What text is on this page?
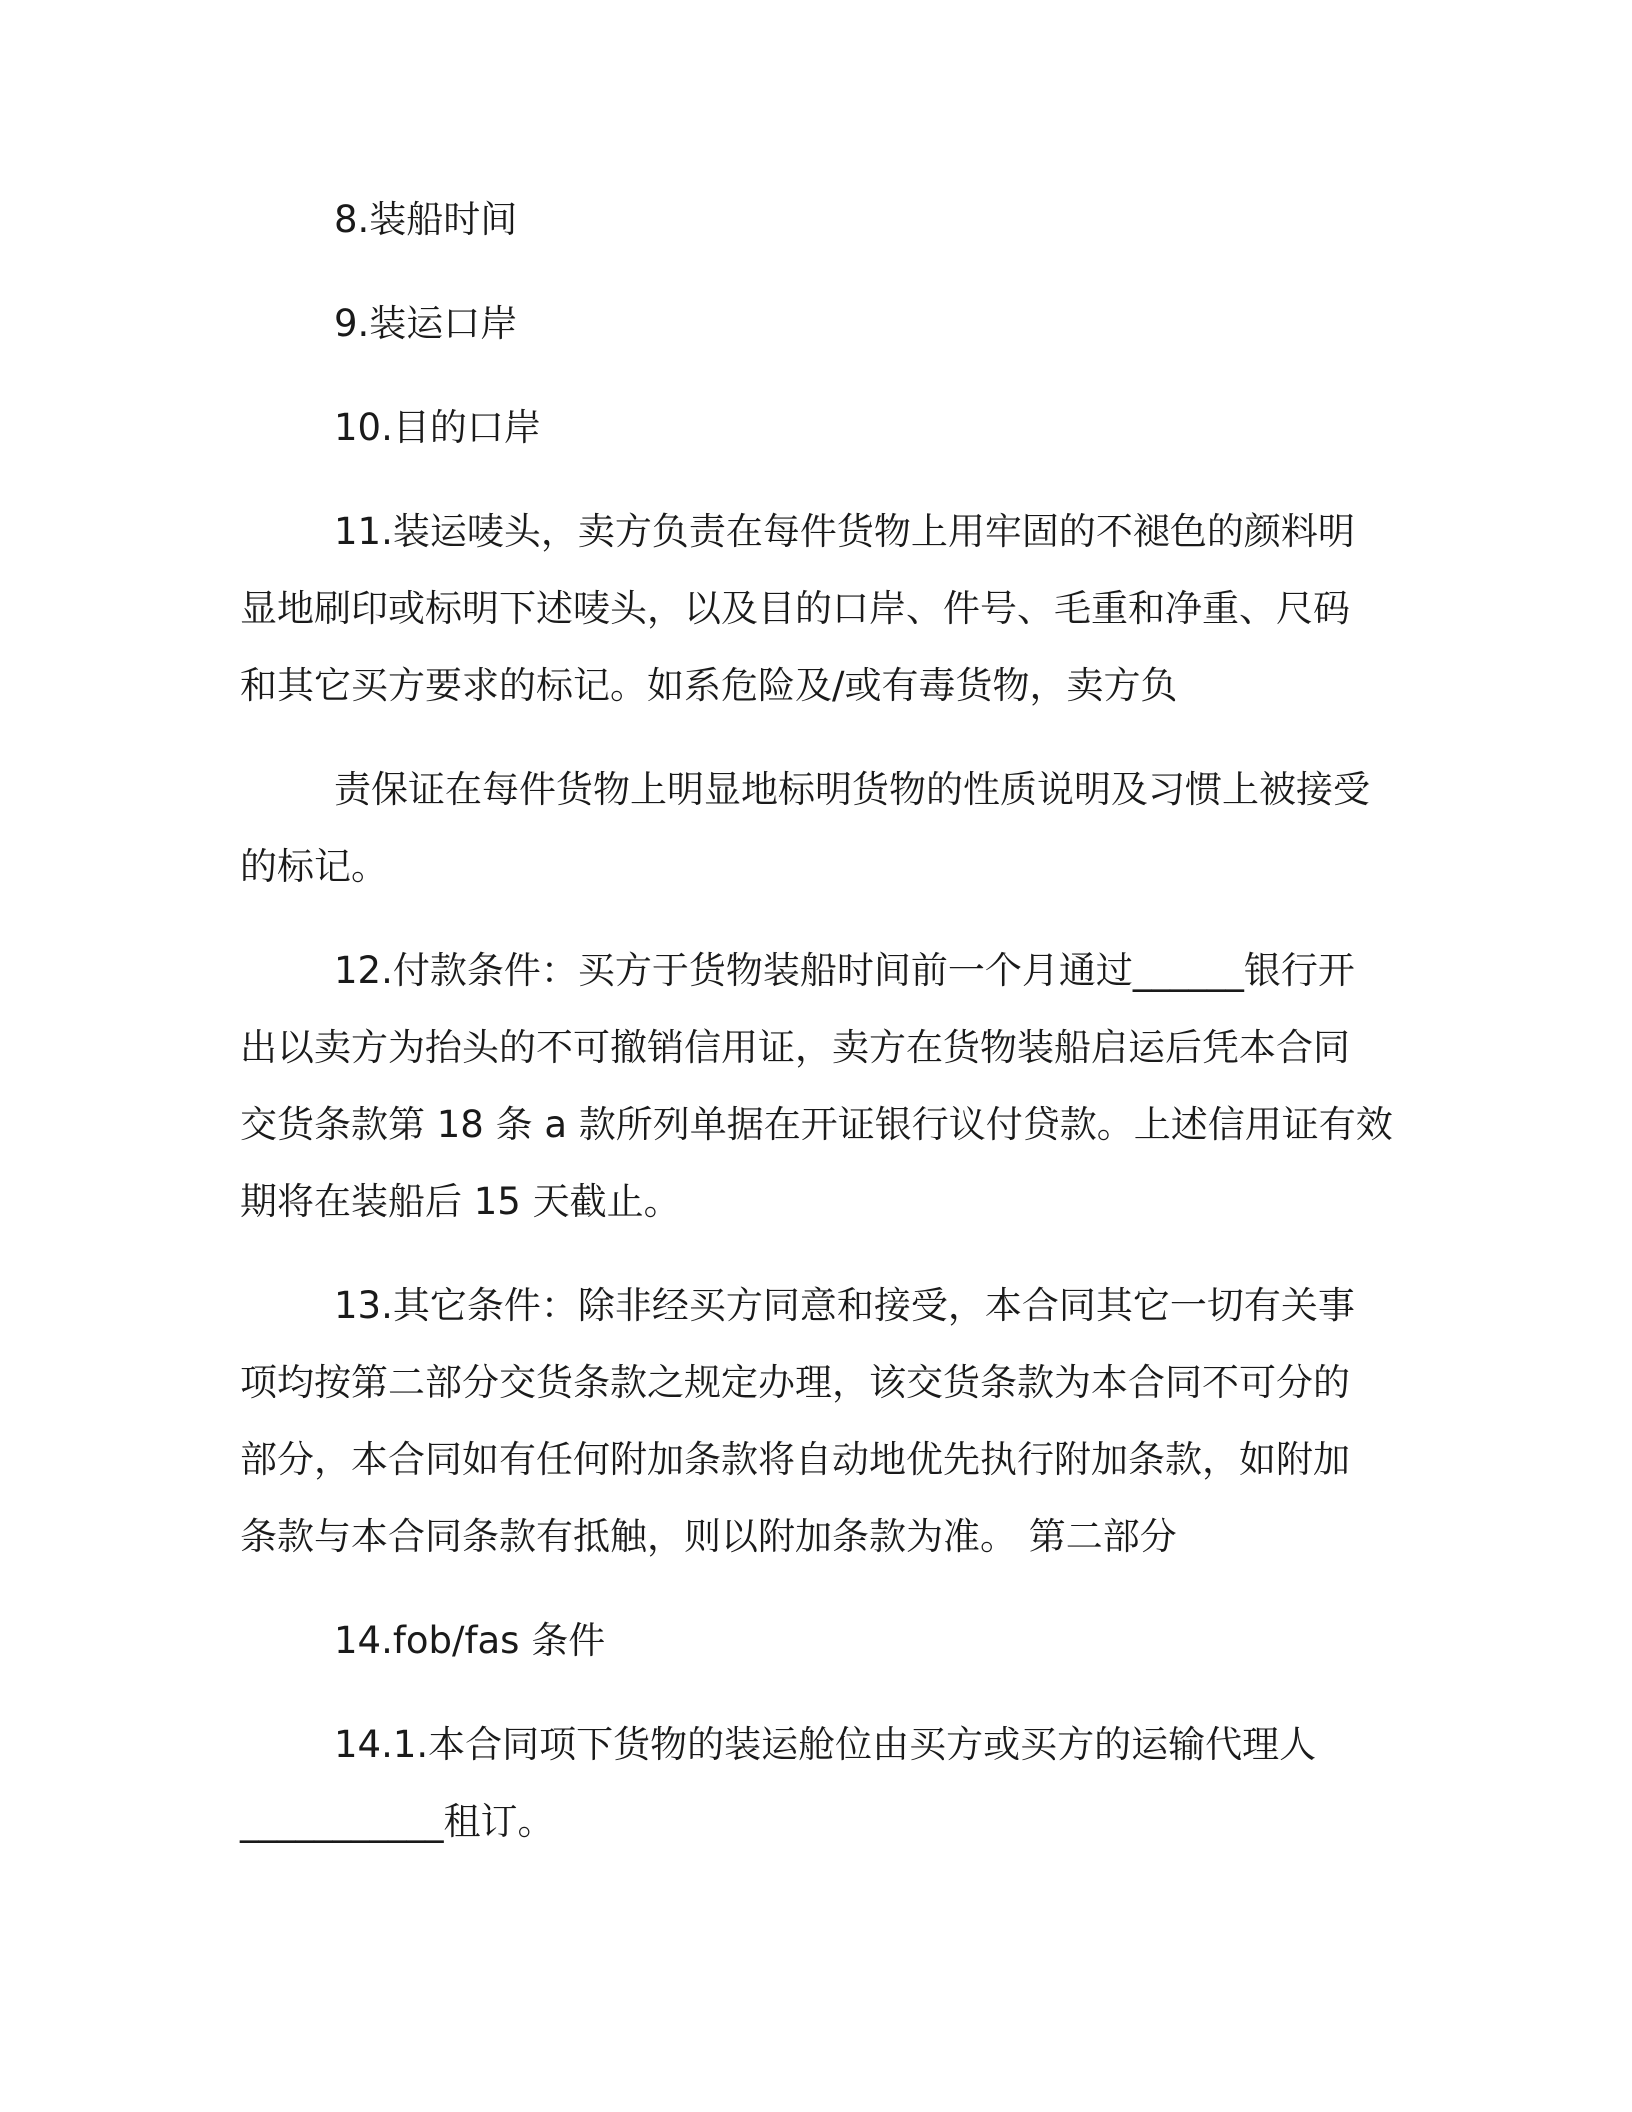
8.装船时间

9.装运口岸

10.目的口岸

11.装运唛头，卖方负责在每件货物上用牢固的不褪色的颜料明

显地刷印或标明下述唛头，以及目的口岸、件号、毛重和净重、尺码

和其它买方要求的标记。如系危险及/或有毒货物，卖方负

责保证在每件货物上明显地标明货物的性质说明及习惯上被接受

的标记。

12.付款条件：买方于货物装船时间前一个月通过______银行开

出以卖方为抬头的不可撤销信用证，卖方在货物装船启运后凭本合同

交货条款第 18 条 a 款所列单据在开证银行议付贷款。上述信用证有效

期将在装船后 15 天截止。

13.其它条件：除非经买方同意和接受，本合同其它一切有关事

项均按第二部分交货条款之规定办理，该交货条款为本合同不可分的

部分，本合同如有任何附加条款将自动地优先执行附加条款，如附加

条款与本合同条款有抵触，则以附加条款为准。 第二部分

14.fob/fas 条件

14.1.本合同项下货物的装运舱位由买方或买方的运输代理人

___________租订。
